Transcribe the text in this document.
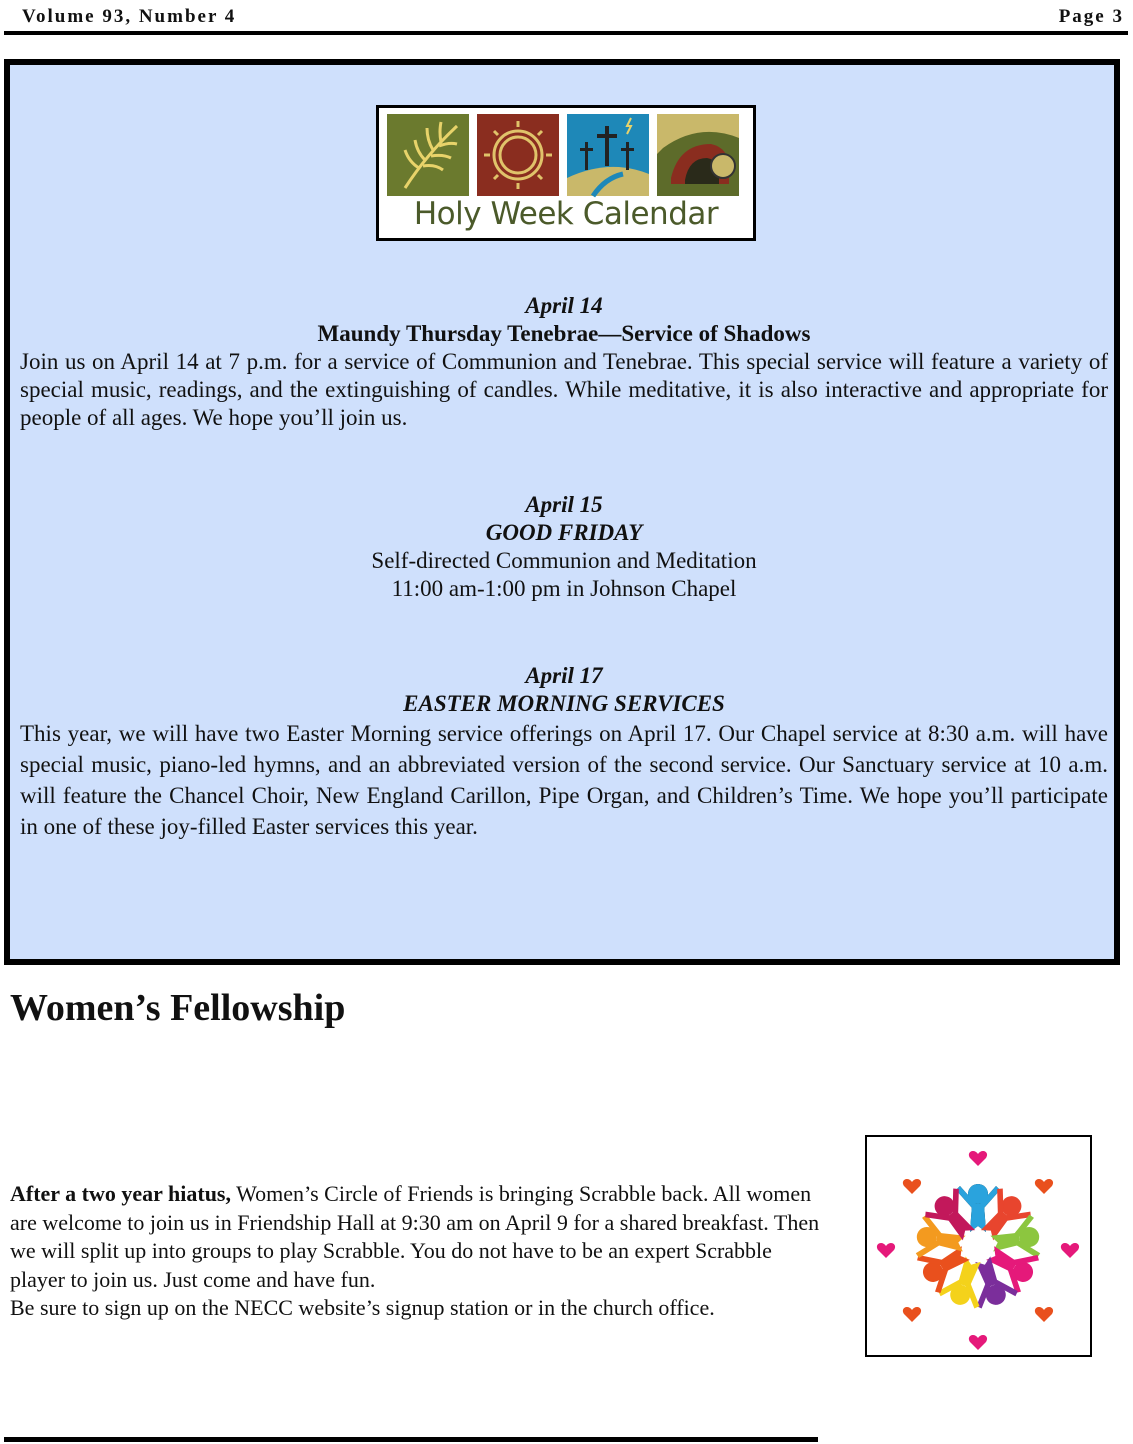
Volume 93, Number 4	Page 3
Holy Week Calendar
April 14
Maundy Thursday Tenebrae—Service of Shadows
Join us on April 14 at 7 p.m. for a service of Communion and Tenebrae. This special service will feature a variety of special music, readings, and the extinguishing of candles. While meditative, it is also interactive and appropriate for people of all ages. We hope you’ll join us.
April 15
GOOD FRIDAY
Self-directed Communion and Meditation
11:00 am-1:00 pm in Johnson Chapel
April 17
EASTER MORNING SERVICES
This year, we will have two Easter Morning service offerings on April 17. Our Chapel service at 8:30 a.m. will have special music, piano-led hymns, and an abbreviated version of the second service. Our Sanctuary service at 10 a.m. will feature the Chancel Choir, New England Carillon, Pipe Organ, and Children’s Time. We hope you’ll participate in one of these joy-filled Easter services this year.
Women’s Fellowship
After a two year hiatus, Women’s Circle of Friends is bringing Scrabble back. All women are welcome to join us in Friendship Hall at 9:30 am on April 9 for a shared breakfast. Then we will split up into groups to play Scrabble. You do not have to be an expert Scrabble player to join us. Just come and have fun.
Be sure to sign up on the NECC website’s signup station or in the church office.
